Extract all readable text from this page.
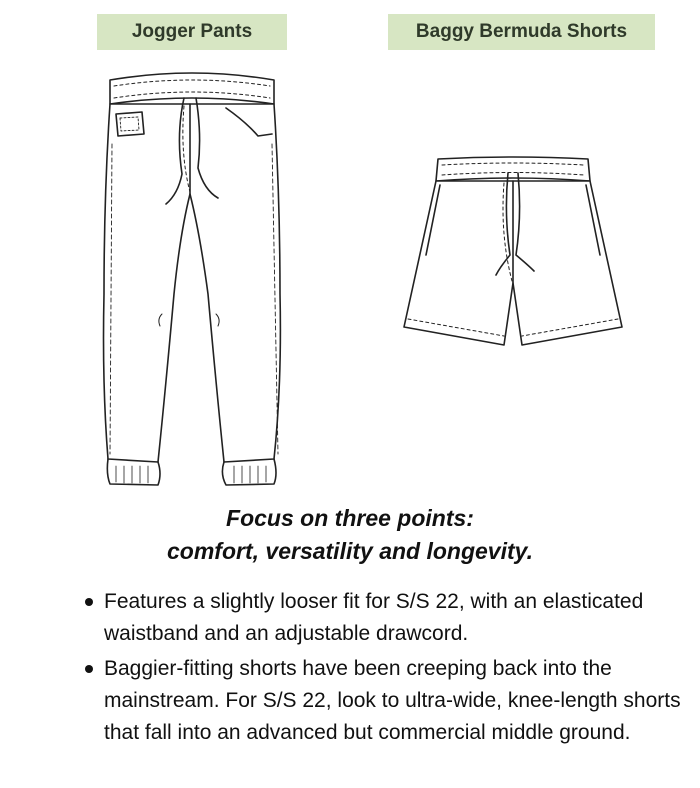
Jogger Pants	Baggy Bermuda Shorts
Focus on three points:
comfort, versatility and longevity.
Features a slightly looser fit for S/S 22, with an elasticated waistband and an adjustable drawcord.
Baggier-fitting shorts have been creeping back into the mainstream. For S/S 22, look to ultra-wide, knee-length shorts that fall into an advanced but commercial middle ground.
